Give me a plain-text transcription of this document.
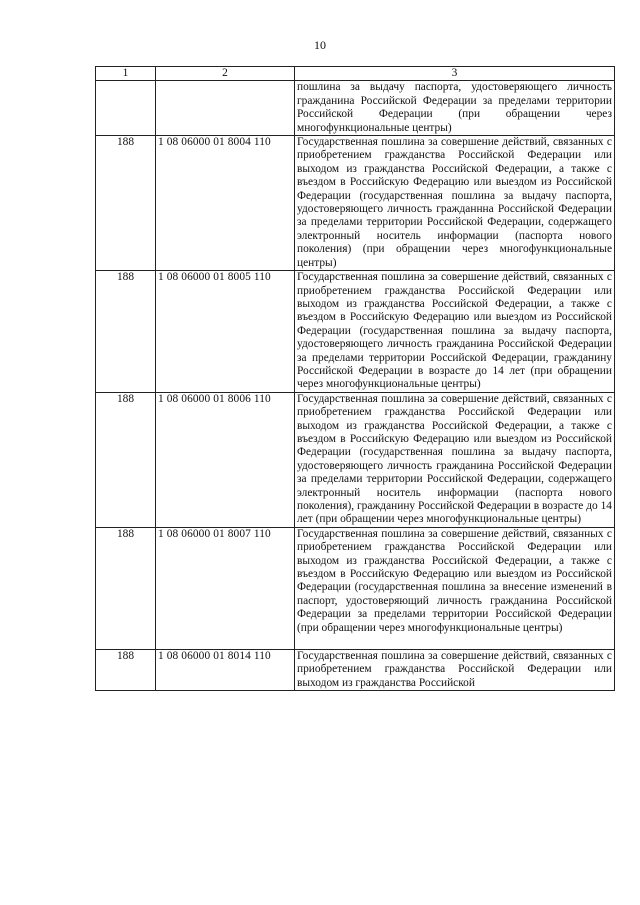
10
1	2	3
		пошлина за выдачу паспорта, удостоверяющего личность гражданина Российской Федерации за пределами территории Российской Федерации (при обращении через многофункциональные центры)
188	1 08 06000 01 8004 110	Государственная пошлина за совершение действий, связанных с приобретением гражданства Российской Федерации или выходом из гражданства Российской Федерации, а также с въездом в Российскую Федерацию или выездом из Российской Федерации (государственная пошлина за выдачу паспорта, удостоверяющего личность гражданнна Российской Федерации за пределами территории Российской Федерации, содержащего электронный носитель информации (паспорта нового поколения) (при обращении через многофункциональные центры)
188	1 08 06000 01 8005 110	Государственная пошлина за совершение действий, связанных с приобретением гражданства Российской Федерации или выходом из гражданства Российской Федерации, а также с въездом в Российскую Федерацию или выездом из Российской Федерации (государственная пошлина за выдачу паспорта, удостоверяющего личность гражданина Российской Федерации за пределами территории Российской Федерации, гражданину Российской Федерации в возрасте до 14 лет (при обращении через многофункциональные центры)
188	1 08 06000 01 8006 110	Государственная пошлина за совершение действий, связанных с приобретением гражданства Российской Федерации или выходом из гражданства Российской Федерации, а также с въездом в Российскую Федерацию или выездом из Российской Федерации (государственная пошлина за выдачу паспорта, удостоверяющего личность гражданина Российской Федерации за пределами территории Российской Федерации, содержащего электронный носитель информации (паспорта нового поколения), гражданину Российской Федерации в возрасте до 14 лет (при обращении через многофункциональные центры)
188	1 08 06000 01 8007 110	Государственная пошлина за совершение действий, связанных с приобретением гражданства Российской Федерации или выходом из гражданства Российской Федерации, а также с въездом в Российскую Федерацию или выездом из Российской Федерации (государственная пошлина за внесение изменений в паспорт, удостоверяющий личность гражданина Российской Федерации за пределами территории Российской Федерации (при обращении через многофункциональные центры)

188	1 08 06000 01 8014 110	Государственная пошлина за совершение действий, связанных с приобретением гражданства Российской Федерации или выходом из гражданства Российской
